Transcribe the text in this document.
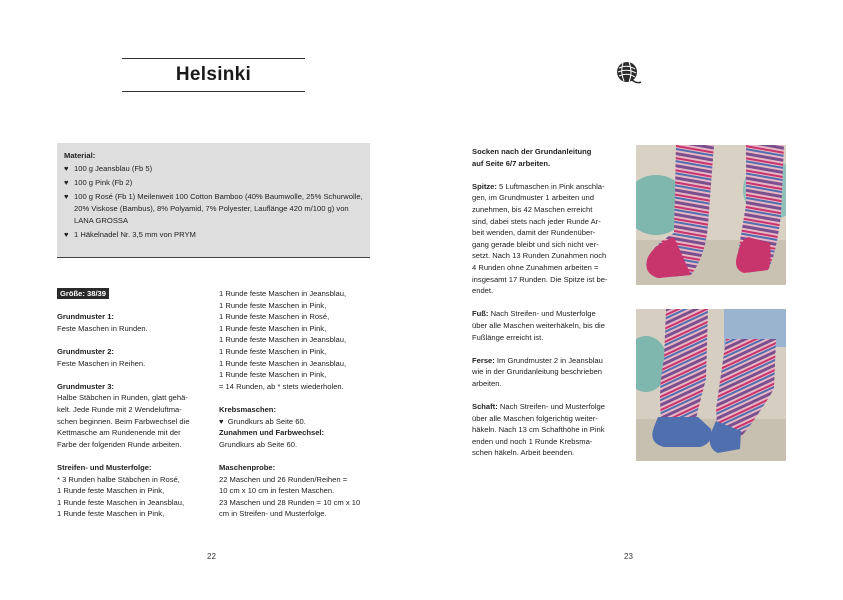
Helsinki
Material:
♥ 100 g Jeansblau (Fb 5)
♥ 100 g Pink (Fb 2)
♥ 100 g Rosé (Fb 1) Meilenweit 100 Cotton Bamboo (40% Baumwolle, 25% Schurwolle, 20% Viskose (Bambus), 8% Polyamid, 7% Polyester, Lauflänge 420 m/100 g) von LANA GROSSA
♥ 1 Häkelnadel Nr. 3,5 mm von PRYM
Größe: 38/39

Grundmuster 1:

Feste Maschen in Runden.

Grundmuster 2:

Feste Maschen in Reihen.

Grundmuster 3:

Halbe Stäbchen in Runden, glatt gehä-

kelt. Jede Runde mit 2 Wendeluftma-

schen beginnen. Beim Farbwechsel die

Kettmasche am Rundenende mit der

Farbe der folgenden Runde arbeiten.

Streifen- und Musterfolge:

* 3 Runden halbe Stäbchen in Rosé,

1 Runde feste Maschen in Pink,

1 Runde feste Maschen in Jeansblau,

1 Runde feste Maschen in Pink,

1 Runde feste Maschen in Jeansblau,

1 Runde feste Maschen in Pink,

1 Runde feste Maschen in Rosé,

1 Runde feste Maschen in Pink,

1 Runde feste Maschen in Jeansblau,

1 Runde feste Maschen in Pink,

1 Runde feste Maschen in Jeansblau,

1 Runde feste Maschen in Pink,

= 14 Runden, ab * stets wiederholen.

Krebsmaschen:

♥  Grundkurs ab Seite 60.

Zunahmen und Farbwechsel:

Grundkurs ab Seite 60.

Maschenprobe:

22 Maschen und 26 Runden/Reihen =

10 cm x 10 cm in festen Maschen.

23 Maschen und 28 Runden = 10 cm x 10

cm in Streifen- und Musterfolge.

22

Socken nach der Grundanleitung

auf Seite 6/7 arbeiten.

Spitze: 5 Luftmaschen in Pink anschla-

gen, im Grundmuster 1 arbeiten und

zunehmen, bis 42 Maschen erreicht

sind, dabei stets nach jeder Runde Ar-

beit wenden, damit der Rundenüber-

gang gerade bleibt und sich nicht ver-

setzt. Nach 13 Runden Zunahmen noch

4 Runden ohne Zunahmen arbeiten =

insgesamt 17 Runden. Die Spitze ist be-

endet.

Fuß: Nach Streifen- und Musterfolge

über alle Maschen weiterhäkeln, bis die

Fußlänge erreicht ist.

Ferse: Im Grundmuster 2 in Jeansblau

wie in der Grundanleitung beschrieben

arbeiten.

Schaft: Nach Streifen- und Musterfolge

über alle Maschen folgerichtig weiter-

häkeln. Nach 13 cm Schafthöhe in Pink

enden und noch 1 Runde Krebsma-

schen häkeln. Arbeit beenden.

23
